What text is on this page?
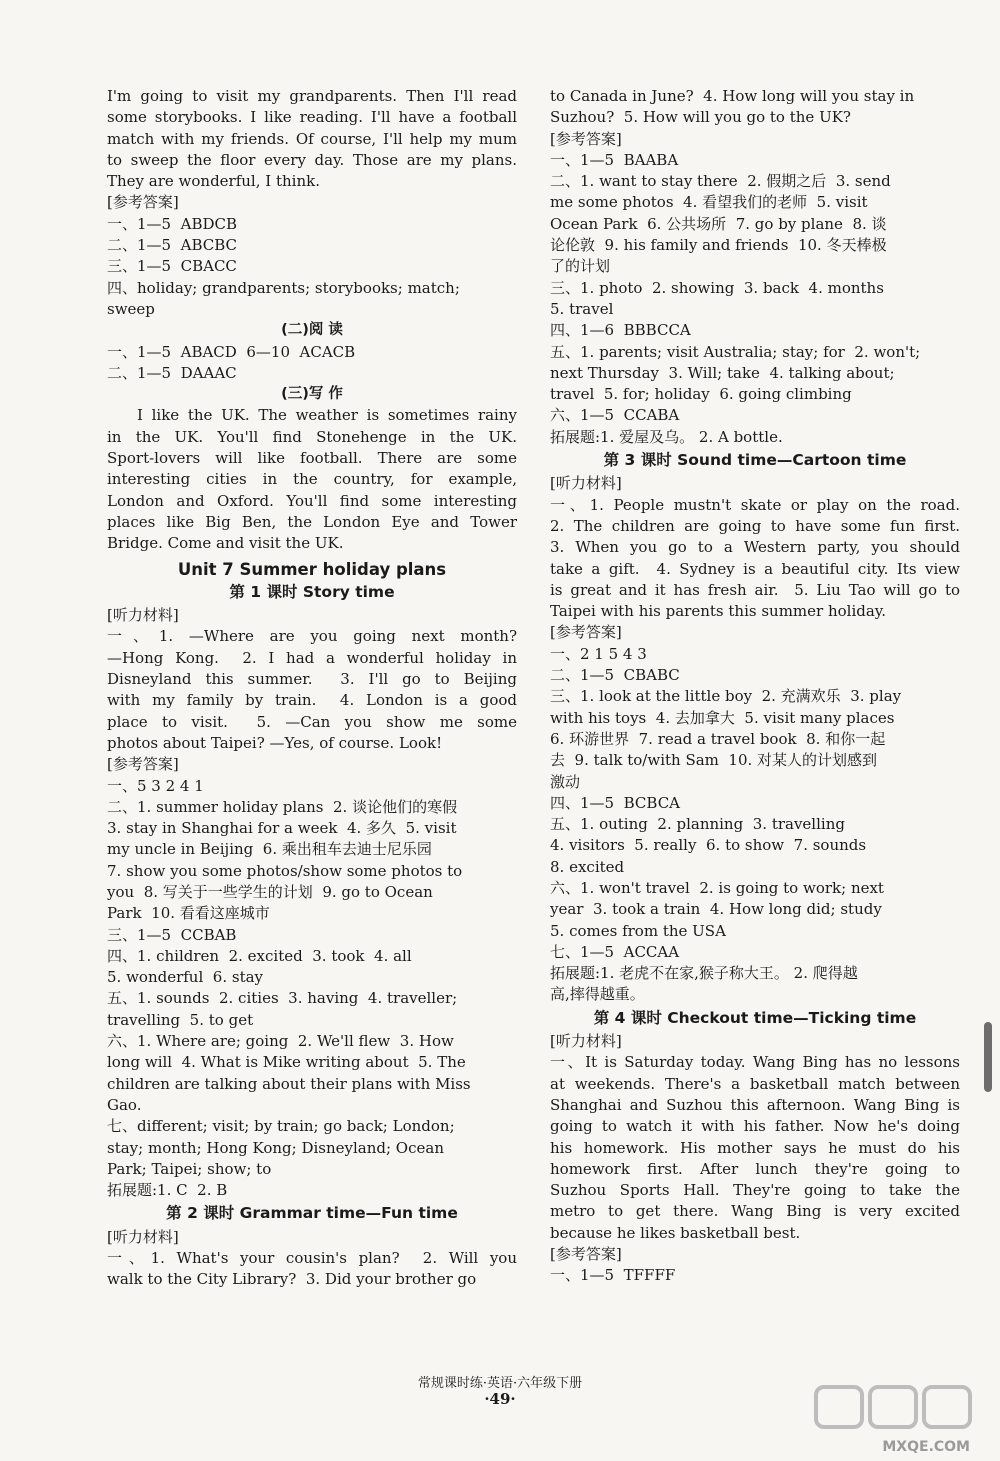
I'm going to visit my grandparents. Then I'll read
some storybooks. I like reading. I'll have a football
match with my friends. Of course, I'll help my mum
to sweep the floor every day. Those are my plans.
They are wonderful, I think.
[参考答案]
一、1—5  ABDCB
二、1—5  ABCBC
三、1—5  CBACC
四、holiday; grandparents; storybooks; match;
sweep
(二)阅 读
一、1—5  ABACD  6—10  ACACB
二、1—5  DAAAC
(三)写 作
I like the UK. The weather is sometimes rainy
in the UK. You'll find Stonehenge in the UK.
Sport-lovers will like football. There are some
interesting cities in the country, for example,
London and Oxford. You'll find some interesting
places like Big Ben, the London Eye and Tower
Bridge. Come and visit the UK.
Unit 7 Summer holiday plans
第 1 课时 Story time
[听力材料]
一、1. —Where are you going next month?
—Hong Kong.  2. I had a wonderful holiday in
Disneyland this summer.  3. I'll go to Beijing
with my family by train.  4. London is a good
place to visit.  5. —Can you show me some
photos about Taipei? —Yes, of course. Look!
[参考答案]
一、5 3 2 4 1
二、1. summer holiday plans  2. 谈论他们的寒假
3. stay in Shanghai for a week  4. 多久  5. visit
my uncle in Beijing  6. 乘出租车去迪士尼乐园
7. show you some photos/show some photos to
you  8. 写关于一些学生的计划  9. go to Ocean
Park  10. 看看这座城市
三、1—5  CCBAB
四、1. children  2. excited  3. took  4. all
5. wonderful  6. stay
五、1. sounds  2. cities  3. having  4. traveller;
travelling  5. to get
六、1. Where are; going  2. We'll flew  3. How
long will  4. What is Mike writing about  5. The
children are talking about their plans with Miss
Gao.
七、different; visit; by train; go back; London;
stay; month; Hong Kong; Disneyland; Ocean
Park; Taipei; show; to
拓展题:1. C  2. B
第 2 课时 Grammar time—Fun time
[听力材料]
一、1. What's your cousin's plan?  2. Will you
walk to the City Library?  3. Did your brother go
to Canada in June?  4. How long will you stay in
Suzhou?  5. How will you go to the UK?
[参考答案]
一、1—5  BAABA
二、1. want to stay there  2. 假期之后  3. send
me some photos  4. 看望我们的老师  5. visit
Ocean Park  6. 公共场所  7. go by plane  8. 谈
论伦敦  9. his family and friends  10. 冬天棒极
了的计划
三、1. photo  2. showing  3. back  4. months
5. travel
四、1—6  BBBCCA
五、1. parents; visit Australia; stay; for  2. won't;
next Thursday  3. Will; take  4. talking about;
travel  5. for; holiday  6. going climbing
六、1—5  CCABA
拓展题:1. 爱屋及乌。 2. A bottle.
第 3 课时 Sound time—Cartoon time
[听力材料]
一、1. People mustn't skate or play on the road.
2. The children are going to have some fun first.
3. When you go to a Western party, you should
take a gift.  4. Sydney is a beautiful city. Its view
is great and it has fresh air.  5. Liu Tao will go to
Taipei with his parents this summer holiday.
[参考答案]
一、2 1 5 4 3
二、1—5  CBABC
三、1. look at the little boy  2. 充满欢乐  3. play
with his toys  4. 去加拿大  5. visit many places
6. 环游世界  7. read a travel book  8. 和你一起
去  9. talk to/with Sam  10. 对某人的计划感到
激动
四、1—5  BCBCA
五、1. outing  2. planning  3. travelling
4. visitors  5. really  6. to show  7. sounds
8. excited
六、1. won't travel  2. is going to work; next
year  3. took a train  4. How long did; study
5. comes from the USA
七、1—5  ACCAA
拓展题:1. 老虎不在家,猴子称大王。 2. 爬得越
高,摔得越重。
第 4 课时 Checkout time—Ticking time
[听力材料]
一、It is Saturday today. Wang Bing has no lessons
at weekends. There's a basketball match between
Shanghai and Suzhou this afternoon. Wang Bing is
going to watch it with his father. Now he's doing
his homework. His mother says he must do his
homework first. After lunch they're going to
Suzhou Sports Hall. They're going to take the
metro to get there. Wang Bing is very excited
because he likes basketball best.
[参考答案]
一、1—5  TFFFF
常规课时练·英语·六年级下册
·49·
MXQE.COM
